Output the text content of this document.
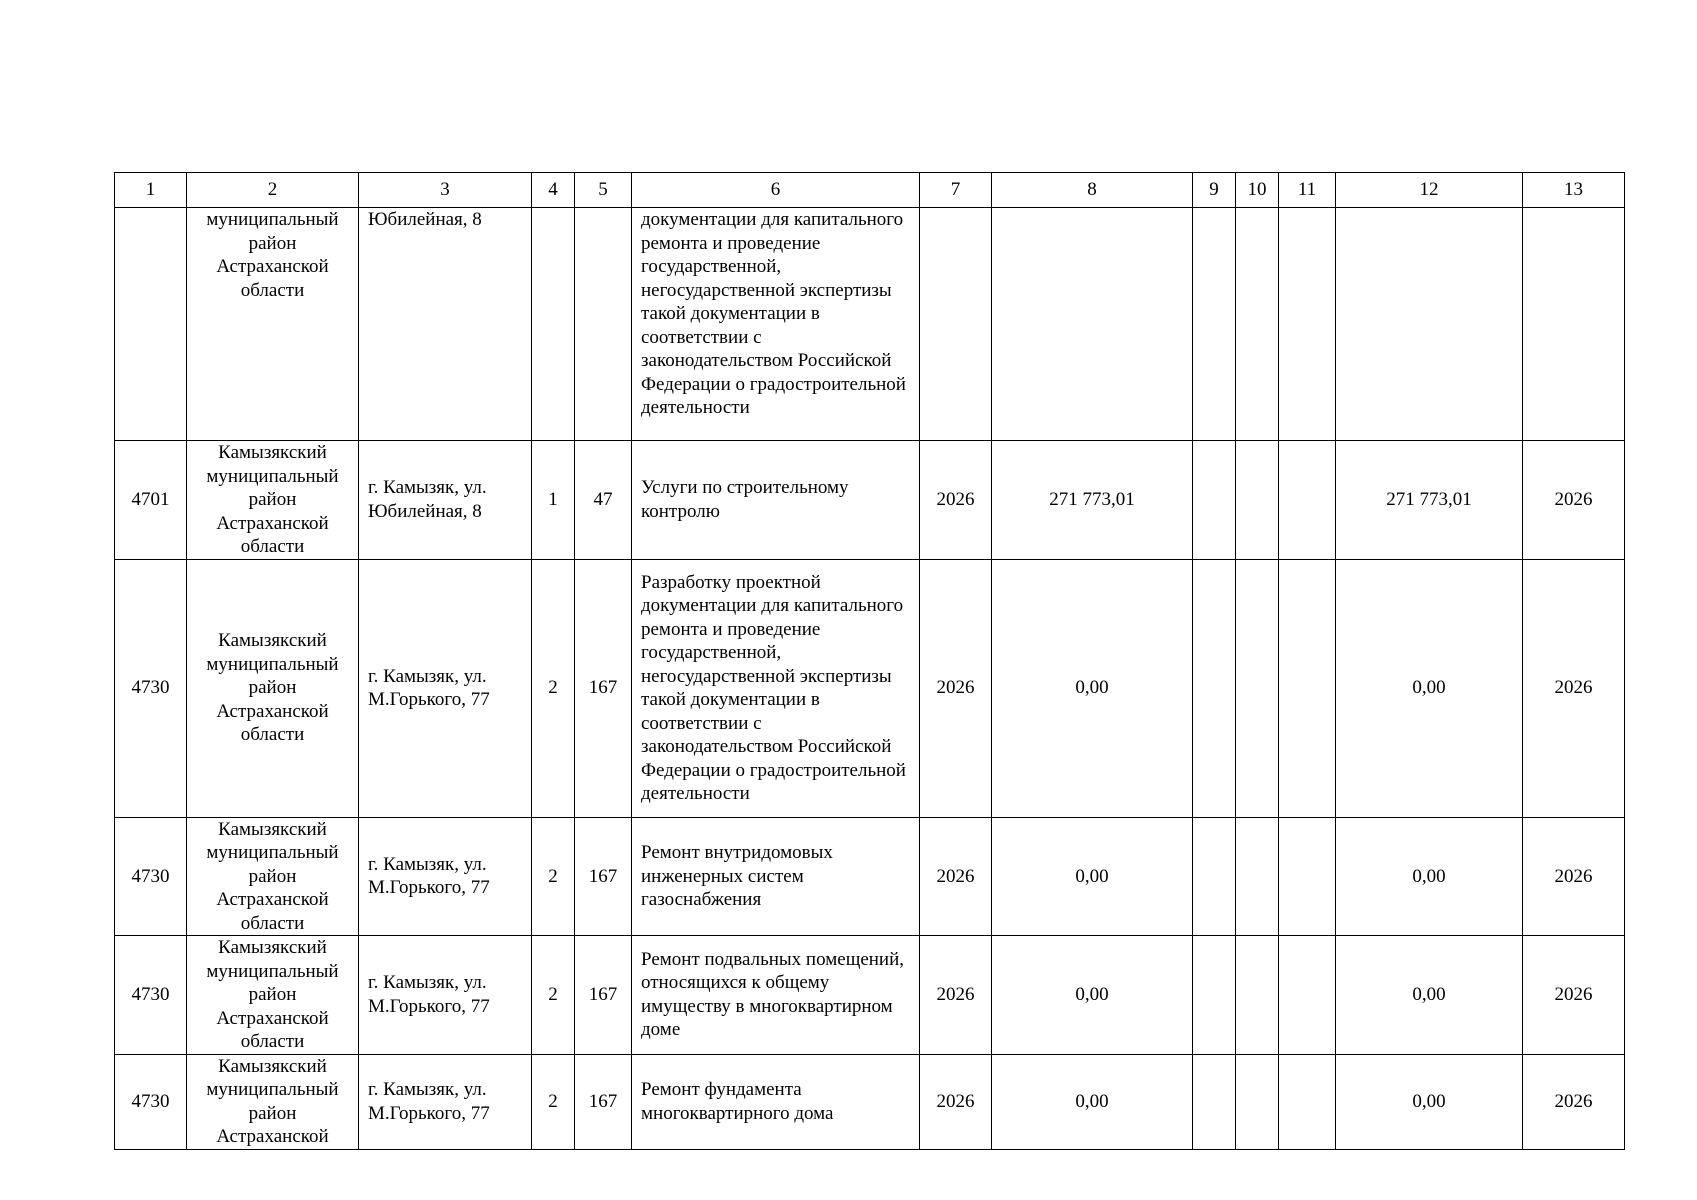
1	2	3	4	5	6	7	8	9	10	11	12	13
	муниципальный район Астраханской области	Юбилейная, 8			документации для капитального ремонта и проведение государственной, негосударственной экспертизы такой документации в соответствии с законодательством Российской Федерации о градостроительной деятельности							
4701	Камызякский муниципальный район Астраханской области	г. Камызяк, ул. Юбилейная, 8	1	47	Услуги по строительному контролю	2026	271 773,01				271 773,01	2026
4730	Камызякский муниципальный район Астраханской области	г. Камызяк, ул. М.Горького, 77	2	167	Разработку проектной документации для капитального ремонта и проведение государственной, негосударственной экспертизы такой документации в соответствии с законодательством Российской Федерации о градостроительной деятельности	2026	0,00				0,00	2026
4730	Камызякский муниципальный район Астраханской области	г. Камызяк, ул. М.Горького, 77	2	167	Ремонт внутридомовых инженерных систем газоснабжения	2026	0,00				0,00	2026
4730	Камызякский муниципальный район Астраханской области	г. Камызяк, ул. М.Горького, 77	2	167	Ремонт подвальных помещений, относящихся к общему имуществу в многоквартирном доме	2026	0,00				0,00	2026
4730	Камызякский муниципальный район Астраханской	г. Камызяк, ул. М.Горького, 77	2	167	Ремонт фундамента многоквартирного дома	2026	0,00				0,00	2026
